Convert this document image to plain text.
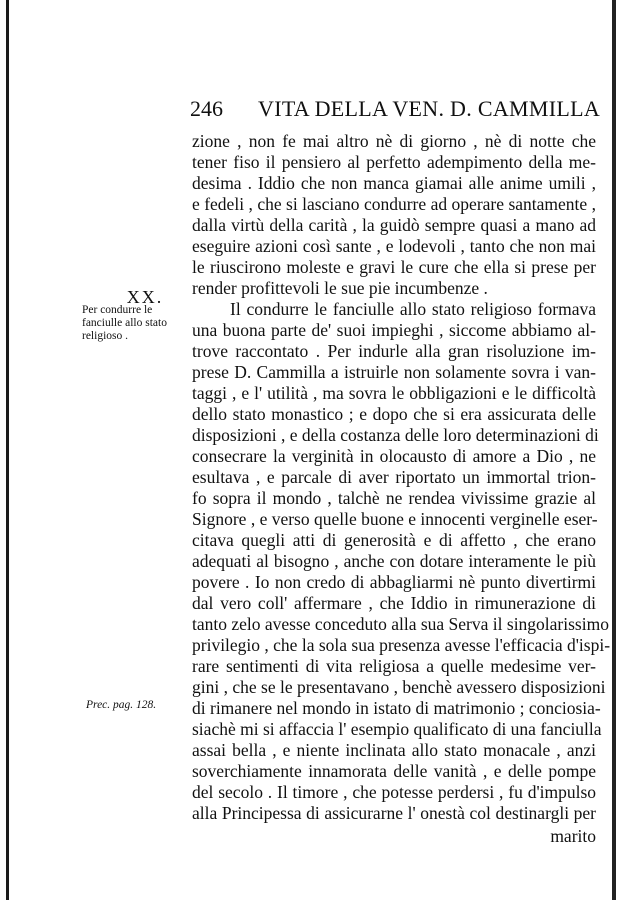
246 VITA DELLA VEN. D. CAMMILLA
XX.

Per condurre le

fanciulle allo stato

religioso .

Prec. pag. 128.

zione , non fe mai altro nè di giorno , nè di notte che

tener fiso il pensiero al perfetto adempimento della me-

desima . Iddio che non manca giamai alle anime umili ,

e fedeli , che si lasciano condurre ad operare santamente ,

dalla virtù della carità , la guidò sempre quasi a mano ad

eseguire azioni così sante , e lodevoli , tanto che non mai

le riuscirono moleste e gravi le cure che ella si prese per

render profittevoli le sue pie incumbenze .

Il condurre le fanciulle allo stato religioso formava

una buona parte de' suoi impieghi , siccome abbiamo al-

trove raccontato . Per indurle alla gran risoluzione im-

prese D. Cammilla a istruirle non solamente sovra i van-

taggi , e l' utilità , ma sovra le obbligazioni e le difficoltà

dello stato monastico ; e dopo che si era assicurata delle

disposizioni , e della costanza delle loro determinazioni di

consecrare la verginità in olocausto di amore a Dio , ne

esultava , e parcale di aver riportato un immortal trion-

fo sopra il mondo , talchè ne rendea vivissime grazie al

Signore , e verso quelle buone e innocenti verginelle eser-

citava quegli atti di generosità e di affetto , che erano

adequati al bisogno , anche con dotare interamente le più

povere . Io non credo di abbagliarmi nè punto divertirmi

dal vero coll' affermare , che Iddio in rimunerazione di

tanto zelo avesse conceduto alla sua Serva il singolarissimo

privilegio , che la sola sua presenza avesse l'efficacia d'ispi-

rare sentimenti di vita religiosa a quelle medesime ver-

gini , che se le presentavano , benchè avessero disposizioni

di rimanere nel mondo in istato di matrimonio ; conciosia-

siachè mi si affaccia l' esempio qualificato di una fanciulla

assai bella , e niente inclinata allo stato monacale , anzi

soverchiamente innamorata delle vanità , e delle pompe

del secolo . Il timore , che potesse perdersi , fu d'impulso

alla Principessa di assicurarne l' onestà col destinargli per

marito
